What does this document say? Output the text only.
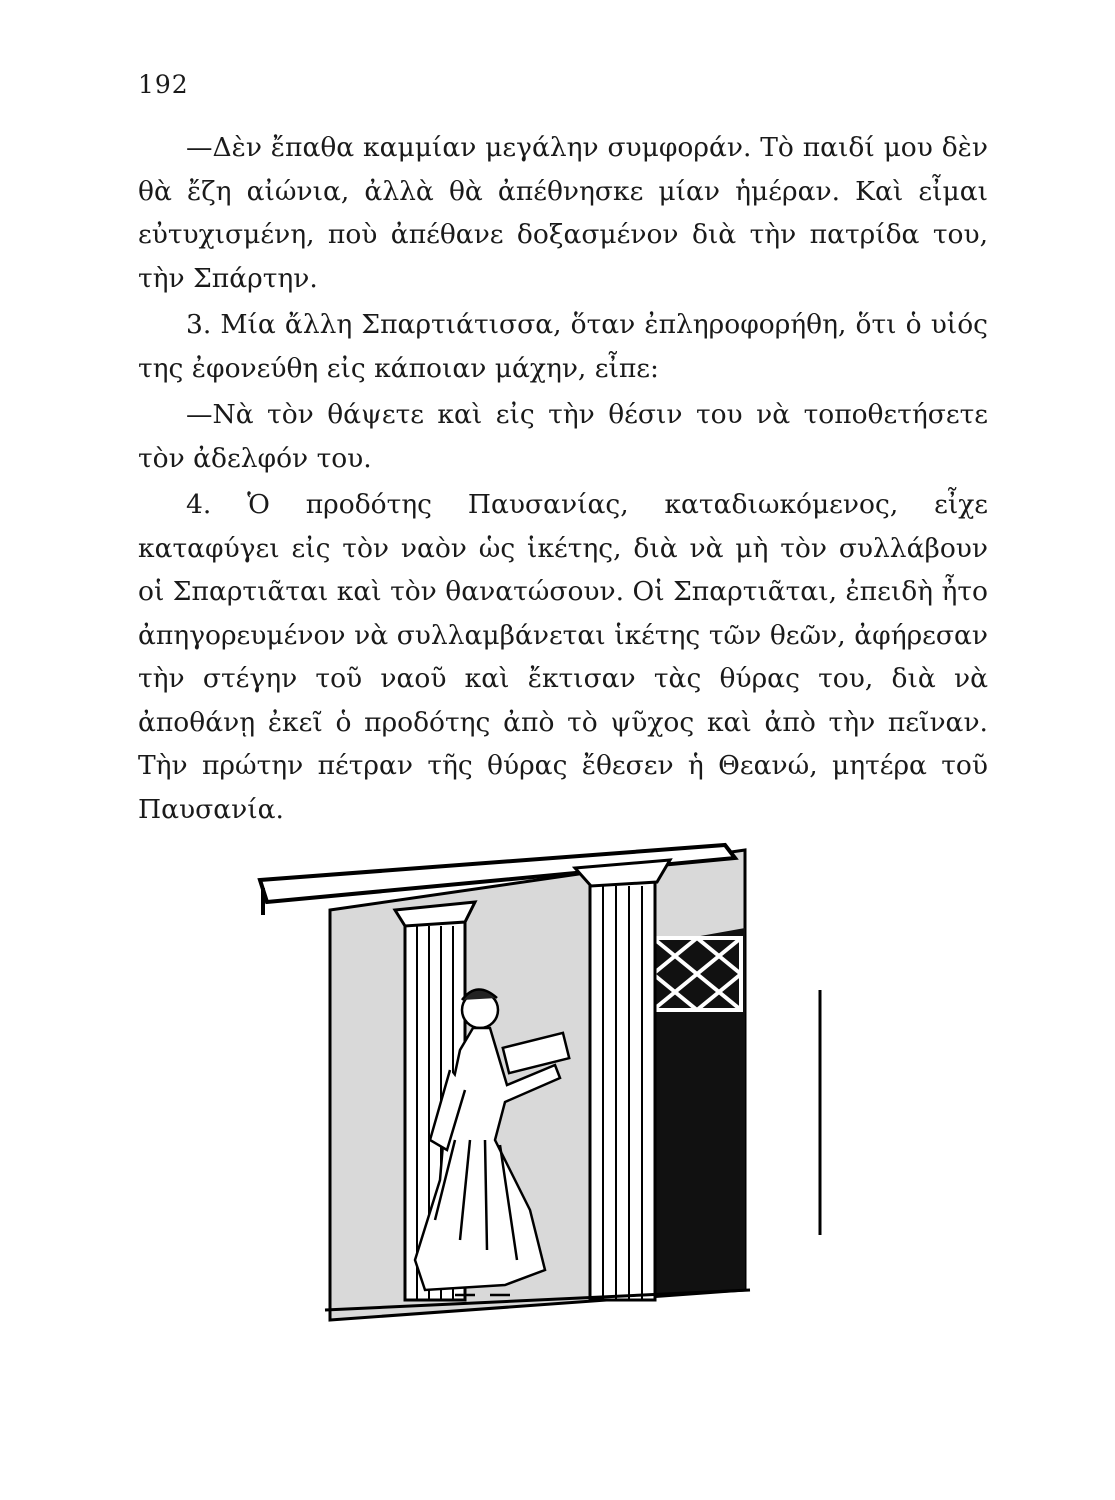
192

—Δὲν ἔπαθα καμμίαν μεγάλην συμφοράν. Τὸ παιδί μου δὲν θὰ ἔζη αἰώνια, ἀλλὰ θὰ ἀπέθνησκε μίαν ἡμέραν. Καὶ εἶμαι εὐτυχισμένη, ποὺ ἀπέθανε δοξασμένον διὰ τὴν πατρίδα του, τὴν Σπάρτην.

3. Μία ἄλλη Σπαρτιάτισσα, ὅταν ἐπληροφορήθη, ὅτι ὁ υἱός της ἐφονεύθη εἰς κάποιαν μάχην, εἶπε:

—Νὰ τὸν θάψετε καὶ εἰς τὴν θέσιν του νὰ τοποθετήσετε τὸν ἀδελφόν του.

4. Ὁ προδότης Παυσανίας, καταδιωκόμενος, εἶχε καταφύγει εἰς τὸν ναὸν ὡς ἱκέτης, διὰ νὰ μὴ τὸν συλλάβουν οἱ Σπαρτιᾶται καὶ τὸν θανατώσουν. Οἱ Σπαρτιᾶται, ἐπειδὴ ἦτο ἀπηγορευμένον νὰ συλλαμβάνεται ἱκέτης τῶν θεῶν, ἀφήρεσαν τὴν στέγην τοῦ ναοῦ καὶ ἔκτισαν τὰς θύρας του, διὰ νὰ ἀποθάνῃ ἐκεῖ ὁ προδότης ἀπὸ τὸ ψῦχος καὶ ἀπὸ τὴν πεῖναν. Τὴν πρώτην πέτραν τῆς θύρας ἔθεσεν ἡ Θεανώ, μητέρα τοῦ Παυσανία.
